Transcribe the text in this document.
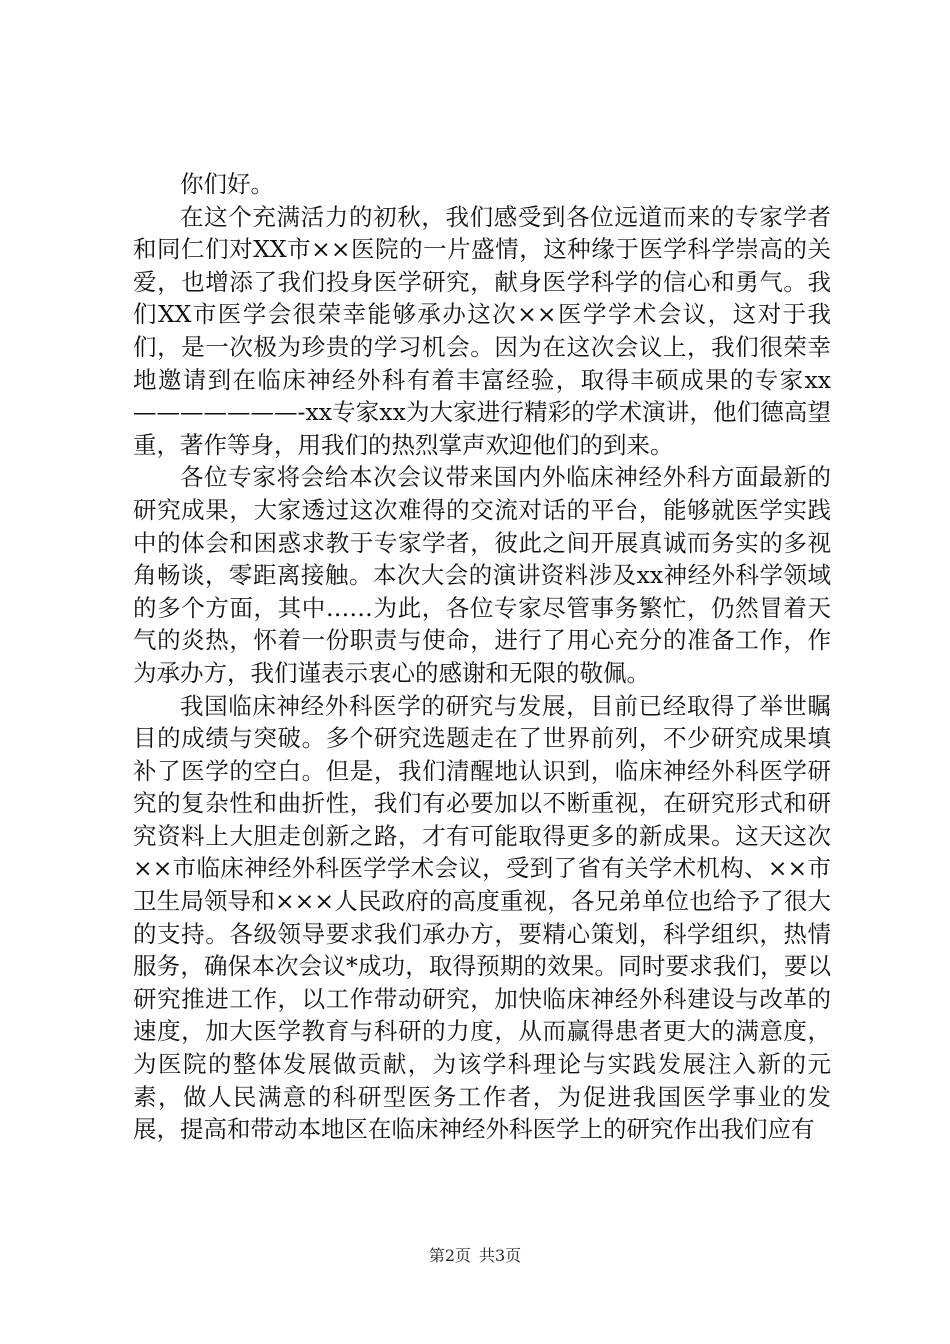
你们好。

在这个充满活力的初秋，我们感受到各位远道而来的专家学者和同仁们对XX市××医院的一片盛情，这种缘于医学科学崇高的关爱，也增添了我们投身医学研究，献身医学科学的信心和勇气。我们XX市医学会很荣幸能够承办这次××医学学术会议，这对于我们，是一次极为珍贵的学习机会。因为在这次会议上，我们很荣幸地邀请到在临床神经外科有着丰富经验，取得丰硕成果的专家xx———————-xx专家xx为大家进行精彩的学术演讲，他们德高望重，著作等身，用我们的热烈掌声欢迎他们的到来。

各位专家将会给本次会议带来国内外临床神经外科方面最新的研究成果，大家透过这次难得的交流对话的平台，能够就医学实践中的体会和困惑求教于专家学者，彼此之间开展真诚而务实的多视角畅谈，零距离接触。本次大会的演讲资料涉及xx神经外科学领域的多个方面，其中……为此，各位专家尽管事务繁忙，仍然冒着天气的炎热，怀着一份职责与使命，进行了用心充分的准备工作，作为承办方，我们谨表示衷心的感谢和无限的敬佩。

我国临床神经外科医学的研究与发展，目前已经取得了举世瞩目的成绩与突破。多个研究选题走在了世界前列，不少研究成果填补了医学的空白。但是，我们清醒地认识到，临床神经外科医学研究的复杂性和曲折性，我们有必要加以不断重视，在研究形式和研究资料上大胆走创新之路，才有可能取得更多的新成果。这天这次××市临床神经外科医学学术会议，受到了省有关学术机构、××市卫生局领导和×××人民政府的高度重视，各兄弟单位也给予了很大的支持。各级领导要求我们承办方，要精心策划，科学组织，热情服务，确保本次会议*成功，取得预期的效果。同时要求我们，要以研究推进工作，以工作带动研究，加快临床神经外科建设与改革的速度，加大医学教育与科研的力度，从而赢得患者更大的满意度，为医院的整体发展做贡献，为该学科理论与实践发展注入新的元素，做人民满意的科研型医务工作者，为促进我国医学事业的发展，提高和带动本地区在临床神经外科医学上的研究作出我们应有

第2页 共3页
